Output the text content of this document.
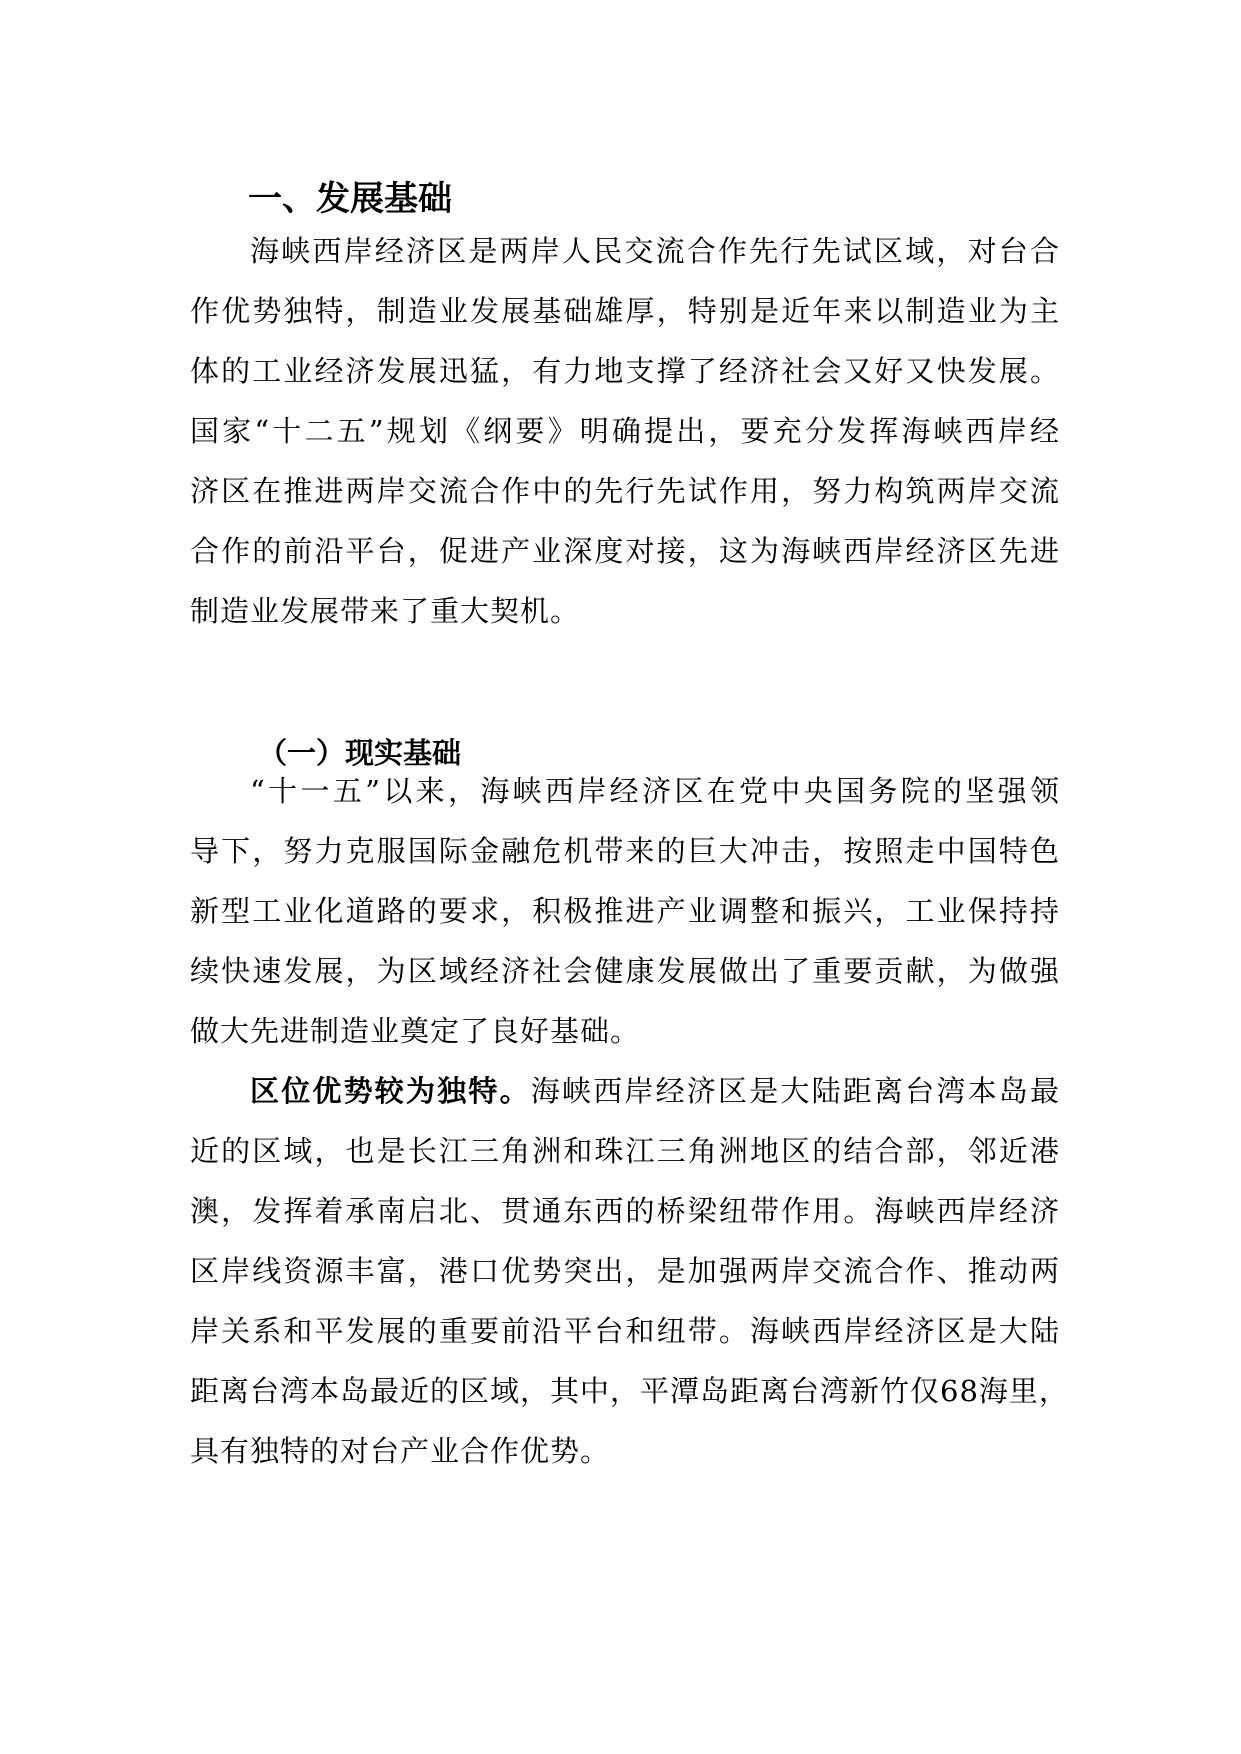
一、发展基础
海峡西岸经济区是两岸人民交流合作先行先试区域，对台合
作优势独特，制造业发展基础雄厚，特别是近年来以制造业为主
体的工业经济发展迅猛，有力地支撑了经济社会又好又快发展。
国家“十二五”规划《纲要》明确提出，要充分发挥海峡西岸经
济区在推进两岸交流合作中的先行先试作用，努力构筑两岸交流
合作的前沿平台，促进产业深度对接，这为海峡西岸经济区先进
制造业发展带来了重大契机。
（一）现实基础
“十一五”以来，海峡西岸经济区在党中央国务院的坚强领
导下，努力克服国际金融危机带来的巨大冲击，按照走中国特色
新型工业化道路的要求，积极推进产业调整和振兴，工业保持持
续快速发展，为区域经济社会健康发展做出了重要贡献，为做强
做大先进制造业奠定了良好基础。
区位优势较为独特。海峡西岸经济区是大陆距离台湾本岛最
近的区域，也是长江三角洲和珠江三角洲地区的结合部，邻近港
澳，发挥着承南启北、贯通东西的桥梁纽带作用。海峡西岸经济
区岸线资源丰富，港口优势突出，是加强两岸交流合作、推动两
岸关系和平发展的重要前沿平台和纽带。海峡西岸经济区是大陆
距离台湾本岛最近的区域，其中，平潭岛距离台湾新竹仅68海里，
具有独特的对台产业合作优势。
